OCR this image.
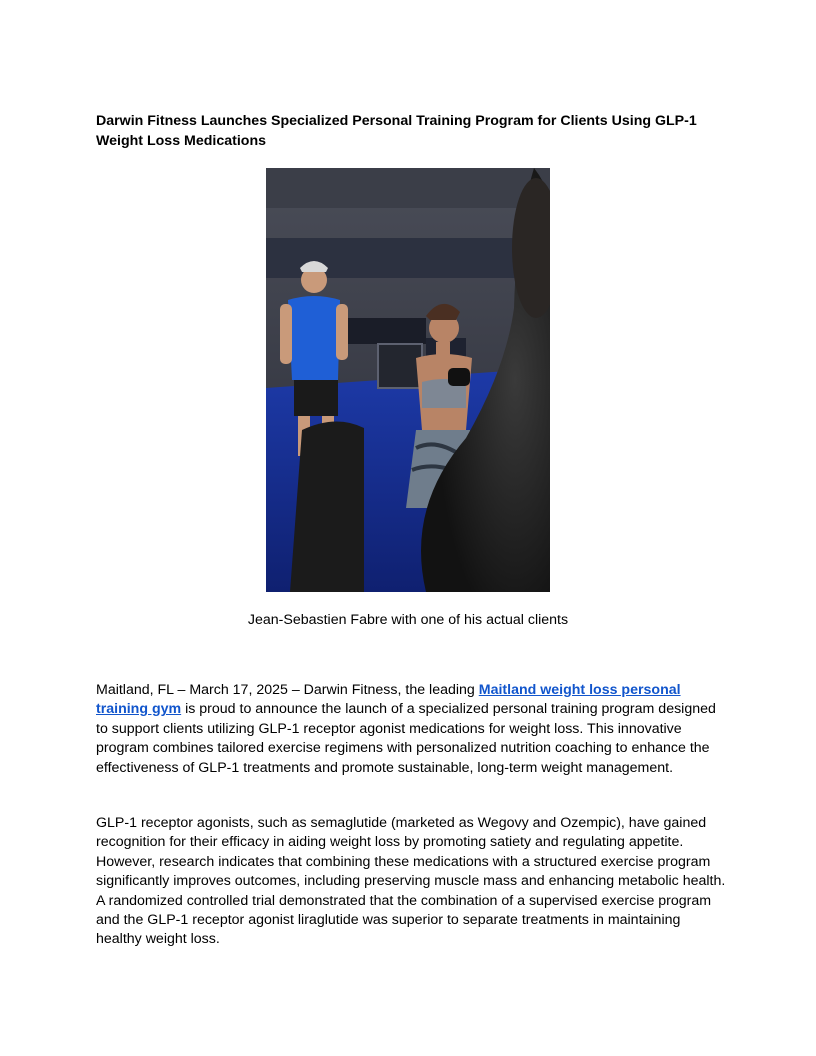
Darwin Fitness Launches Specialized Personal Training Program for Clients Using GLP-1 Weight Loss Medications

Jean-Sebastien Fabre with one of his actual clients

Maitland, FL – March 17, 2025 – Darwin Fitness, the leading Maitland weight loss personal training gym is proud to announce the launch of a specialized personal training program designed to support clients utilizing GLP-1 receptor agonist medications for weight loss. This innovative program combines tailored exercise regimens with personalized nutrition coaching to enhance the effectiveness of GLP-1 treatments and promote sustainable, long-term weight management.

GLP-1 receptor agonists, such as semaglutide (marketed as Wegovy and Ozempic), have gained recognition for their efficacy in aiding weight loss by promoting satiety and regulating appetite. However, research indicates that combining these medications with a structured exercise program significantly improves outcomes, including preserving muscle mass and enhancing metabolic health. A randomized controlled trial demonstrated that the combination of a supervised exercise program and the GLP-1 receptor agonist liraglutide was superior to separate treatments in maintaining healthy weight loss.
